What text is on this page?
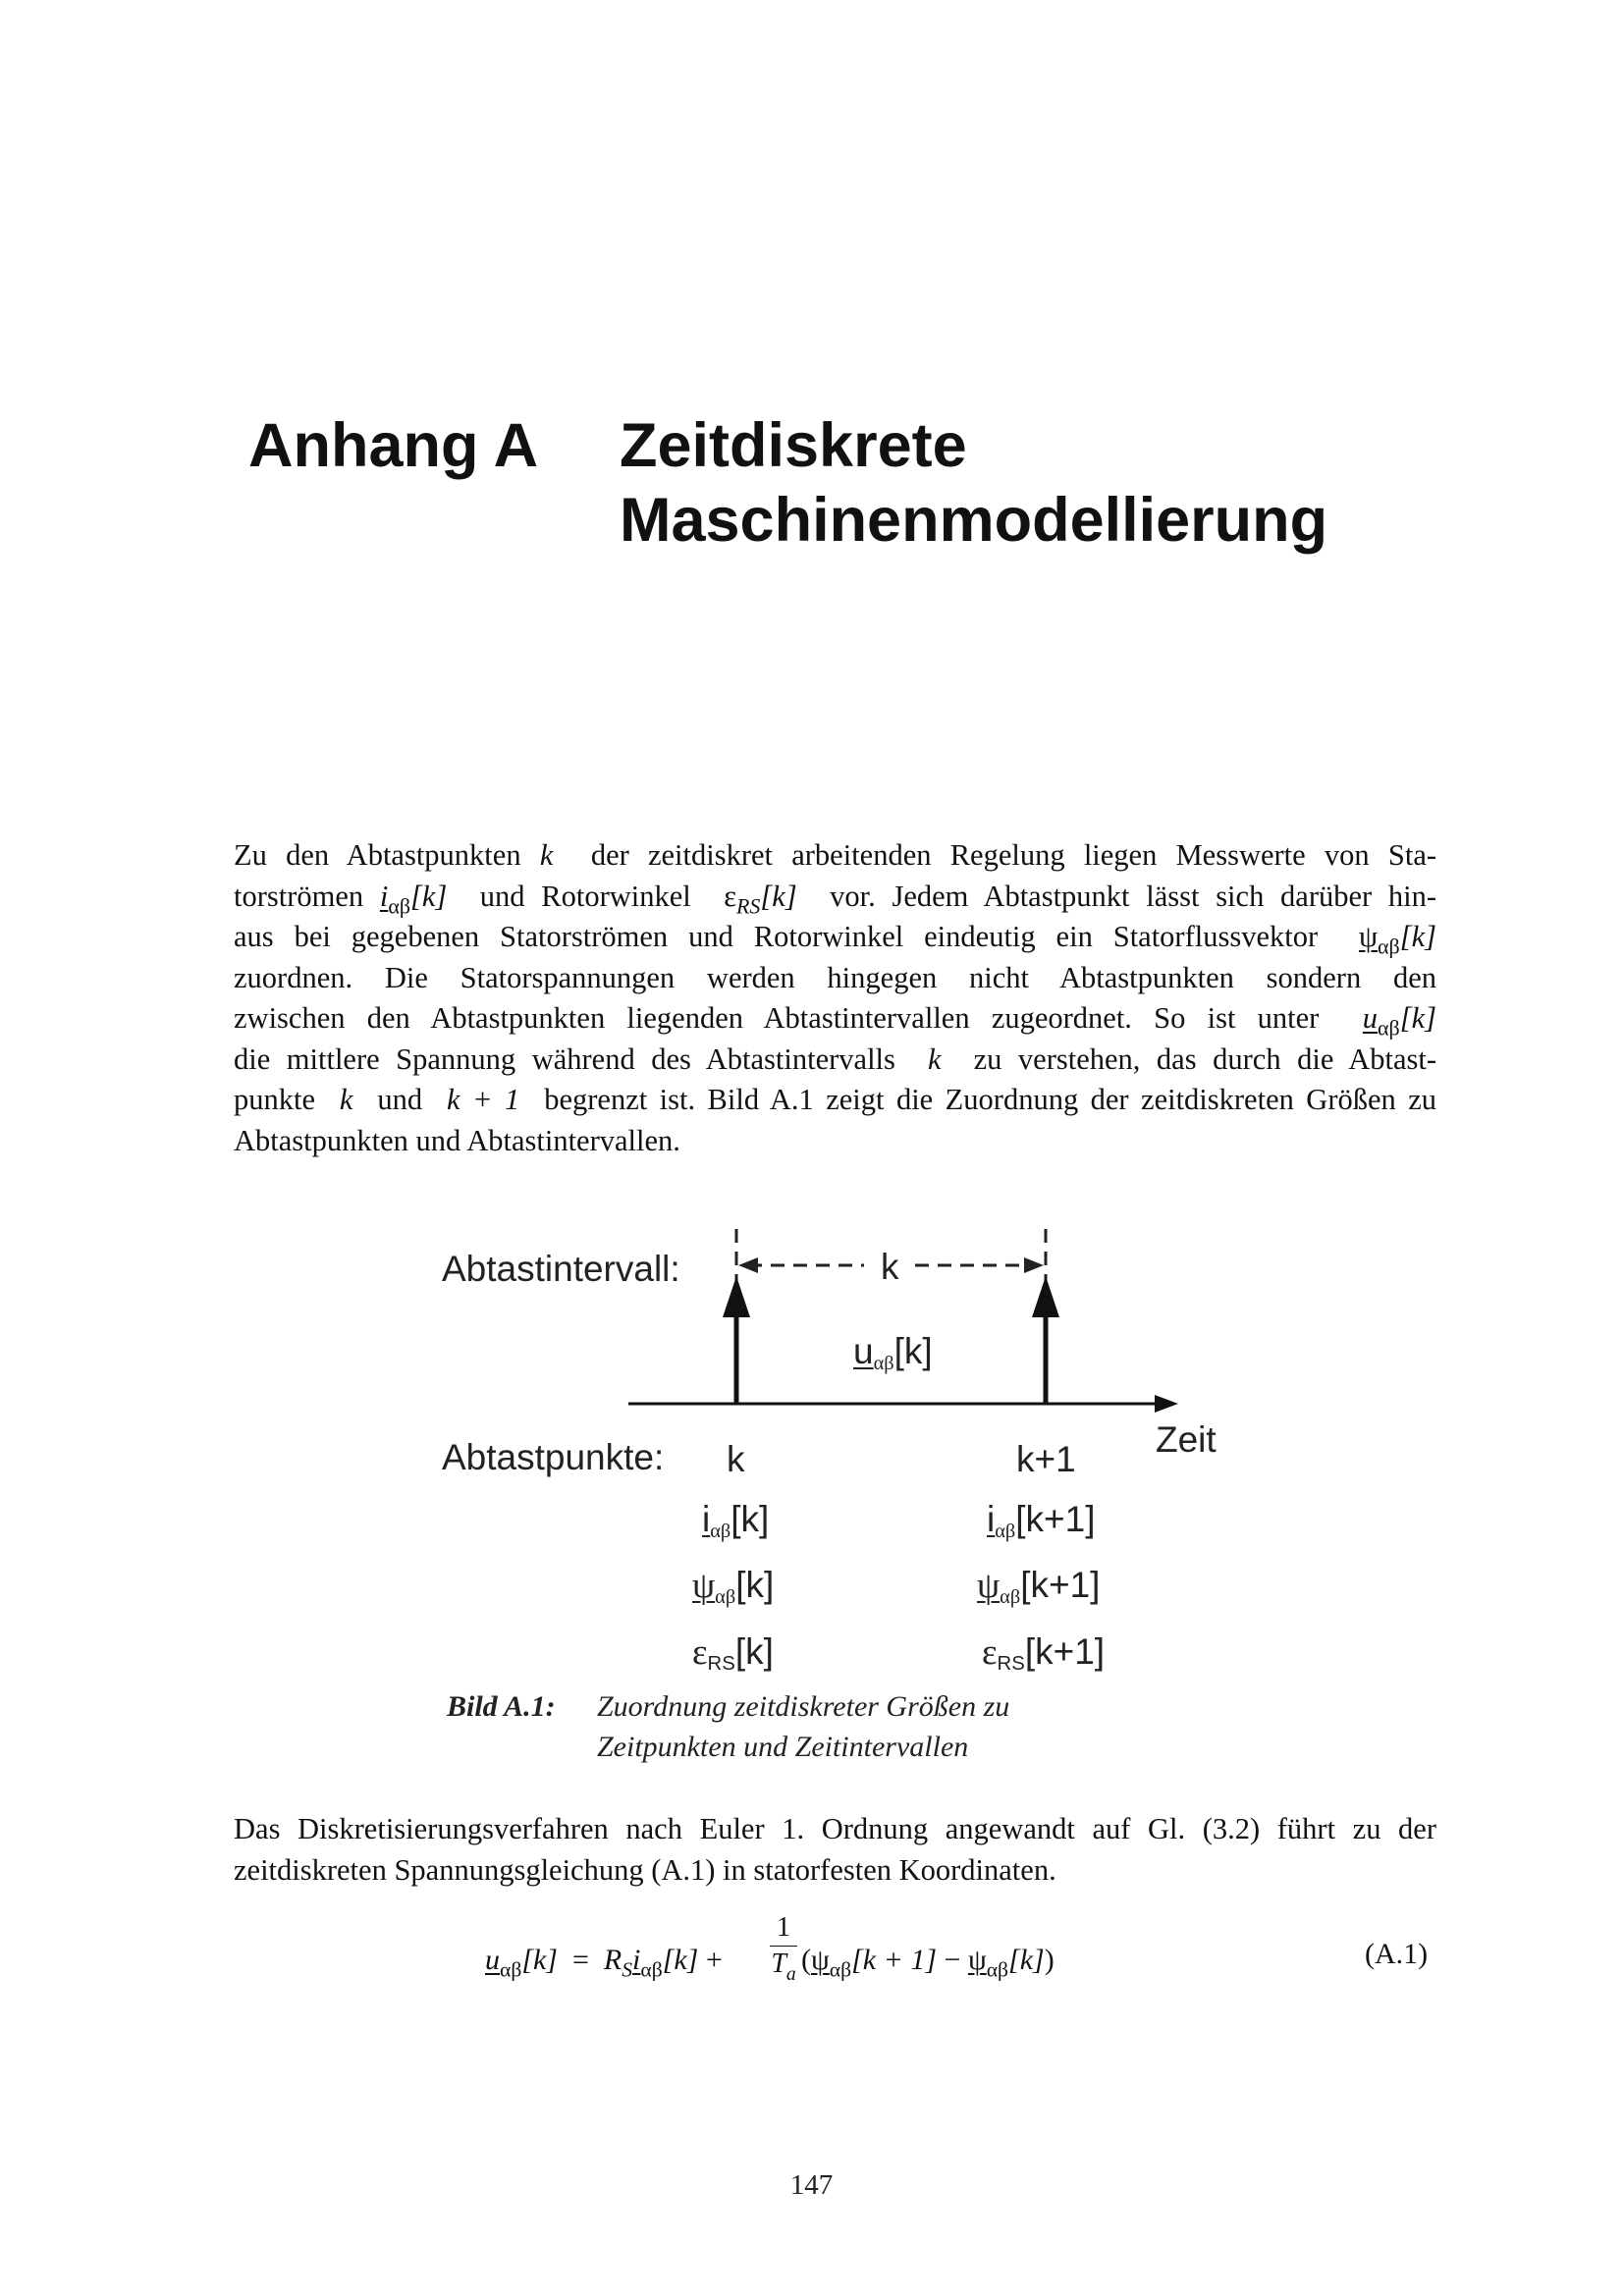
Anhang A Zeitdiskrete
Maschinenmodellierung
Zu den Abtastpunkten k der zeitdiskret arbeitenden Regelung liegen Messwerte von Sta-
torströmen $i_{\alpha\beta}[k]$ und Rotorwinkel $\varepsilon_{RS}[k]$ vor. Jedem Abtastpunkt lässt sich darüber hin-
aus bei gegebenen Statorströmen und Rotorwinkel eindeutig ein Statorflussvektor $\psi_{\alpha\beta}[k]$
zuordnen. Die Statorspannungen werden hingegen nicht Abtastpunkten sondern den
zwischen den Abtastpunkten liegenden Abtastintervallen zugeordnet. So ist unter $u_{\alpha\beta}[k]$
die mittlere Spannung während des Abtastintervalls k zu verstehen, das durch die Abtast-
punkte k und k + 1 begrenzt ist. Bild A.1 zeigt die Zuordnung der zeitdiskreten Größen zu
Abtastpunkten und Abtastintervallen.
Abtastintervall:	k
$u_{\alpha\beta}[k]$
Abtastpunkte: k	k+1 Zeit
$i_{\alpha\beta}[k]$	$i_{\alpha\beta}[k+1]$
$\psi_{\alpha\beta}[k]$	$\psi_{\alpha\beta}[k+1]$
$\varepsilon_{RS}[k]$	$\varepsilon_{RS}[k+1]$
Bild A.1: Zuordnung zeitdiskreter Größen zu
Zeitpunkten und Zeitintervallen
Das Diskretisierungsverfahren nach Euler 1. Ordnung angewandt auf Gl. (3.2) führt zu der
zeitdiskreten Spannungsgleichung (A.1) in statorfesten Koordinaten.
$u_{\alpha\beta}[k] = R_Si_{\alpha\beta}[k]$ +
1
$T_a$ $(\psi_{\alpha\beta}[k + 1] - \psi_{\alpha\beta}[k])$	(A.1)
147
